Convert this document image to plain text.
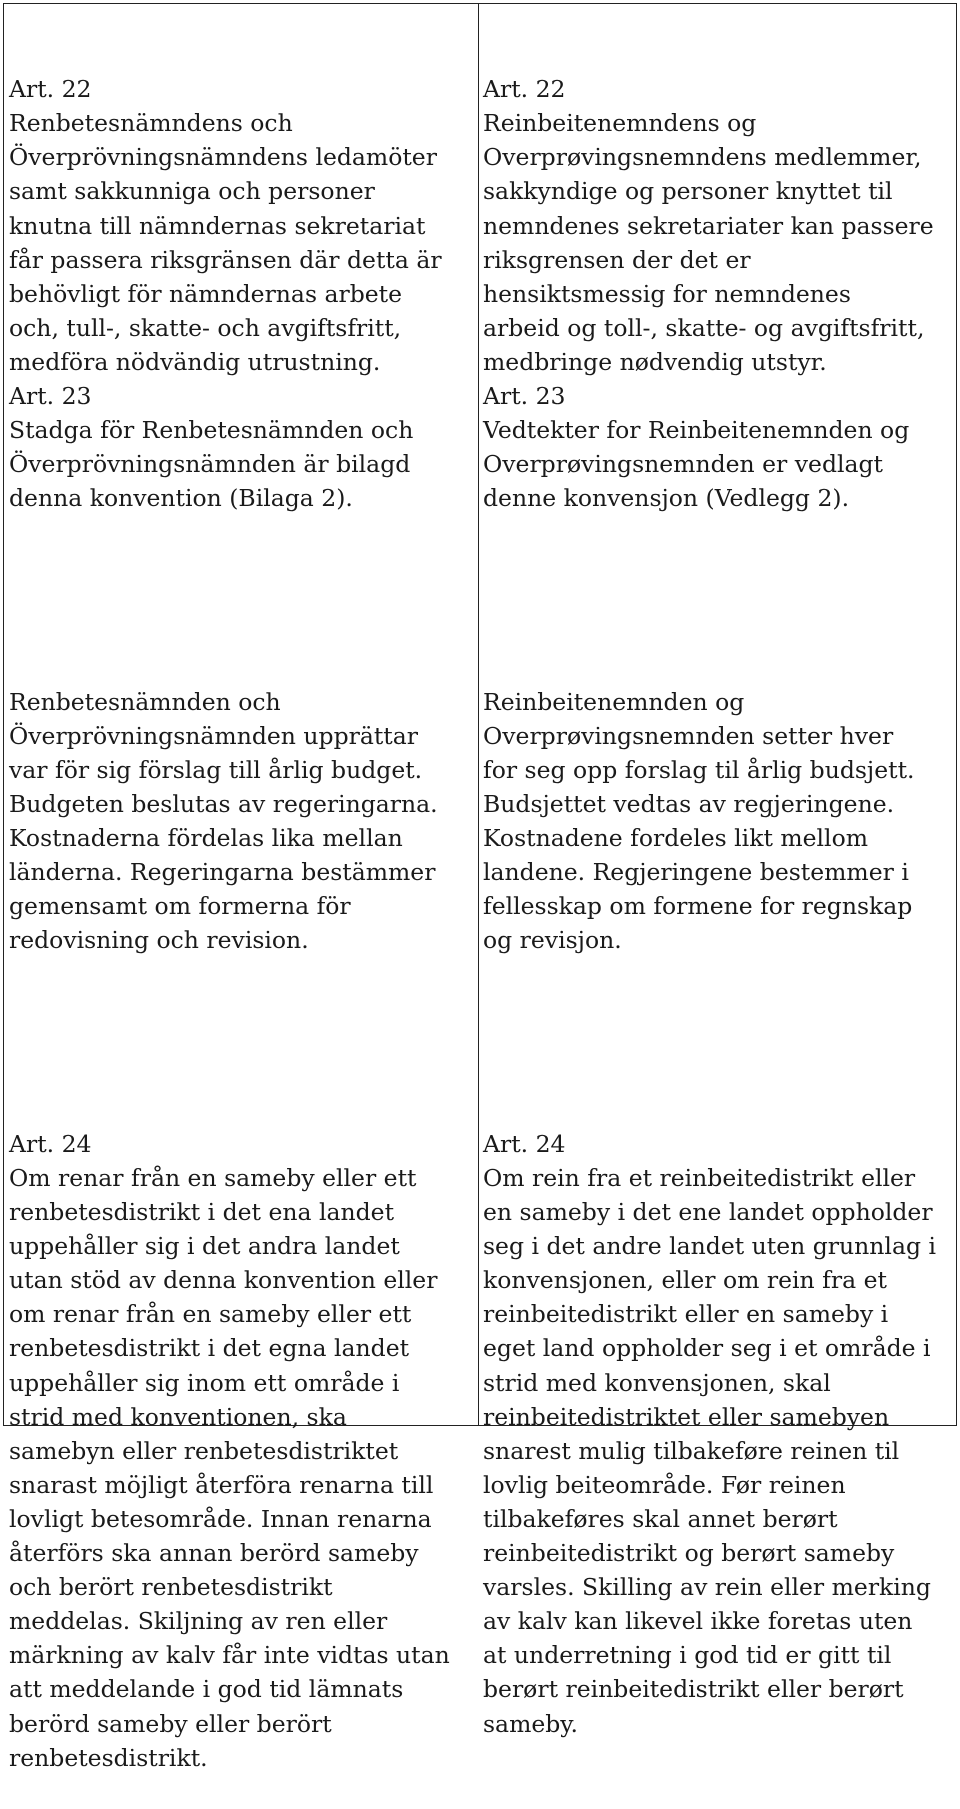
Art. 22
Renbetesnämndens och
Överprövningsnämndens ledamöter
samt sakkunniga och personer
knutna till nämndernas sekretariat
får passera riksgränsen där detta är
behövligt för nämndernas arbete
och, tull-, skatte- och avgiftsfritt,
medföra nödvändig utrustning.
Art. 23
Stadga för Renbetesnämnden och
Överprövningsnämnden är bilagd
denna konvention (Bilaga 2).

Renbetesnämnden och
Överprövningsnämnden upprättar
var för sig förslag till årlig budget.
Budgeten beslutas av regeringarna.
Kostnaderna fördelas lika mellan
länderna. Regeringarna bestämmer
gemensamt om formerna för
redovisning och revision.

Art. 24
Om renar från en sameby eller ett
renbetesdistrikt i det ena landet
uppehåller sig i det andra landet
utan stöd av denna konvention eller
om renar från en sameby eller ett
renbetesdistrikt i det egna landet
uppehåller sig inom ett område i
strid med konventionen, ska
samebyn eller renbetesdistriktet
snarast möjligt återföra renarna till
lovligt betesområde. Innan renarna
återförs ska annan berörd sameby
och berört renbetesdistrikt
meddelas. Skiljning av ren eller
märkning av kalv får inte vidtas utan
att meddelande i god tid lämnats
berörd sameby eller berört
renbetesdistrikt.

Art. 22
Reinbeitenemndens og
Overprøvingsnemndens medlemmer,
sakkyndige og personer knyttet til
nemndenes sekretariater kan passere
riksgrensen der det er
hensiktsmessig for nemndenes
arbeid og toll-, skatte- og avgiftsfritt,
medbringe nødvendig utstyr.
Art. 23
Vedtekter for Reinbeitenemnden og
Overprøvingsnemnden er vedlagt
denne konvensjon (Vedlegg 2).

Reinbeitenemnden og
Overprøvingsnemnden setter hver
for seg opp forslag til årlig budsjett.
Budsjettet vedtas av regjeringene.
Kostnadene fordeles likt mellom
landene. Regjeringene bestemmer i
fellesskap om formene for regnskap
og revisjon.

Art. 24
Om rein fra et reinbeitedistrikt eller
en sameby i det ene landet oppholder
seg i det andre landet uten grunnlag i
konvensjonen, eller om rein fra et
reinbeitedistrikt eller en sameby i
eget land oppholder seg i et område i
strid med konvensjonen, skal
reinbeitedistriktet eller samebyen
snarest mulig tilbakeføre reinen til
lovlig beiteområde. Før reinen
tilbakeføres skal annet berørt
reinbeitedistrikt og berørt sameby
varsles. Skilling av rein eller merking
av kalv kan likevel ikke foretas uten
at underretning i god tid er gitt til
berørt reinbeitedistrikt eller berørt
sameby.
